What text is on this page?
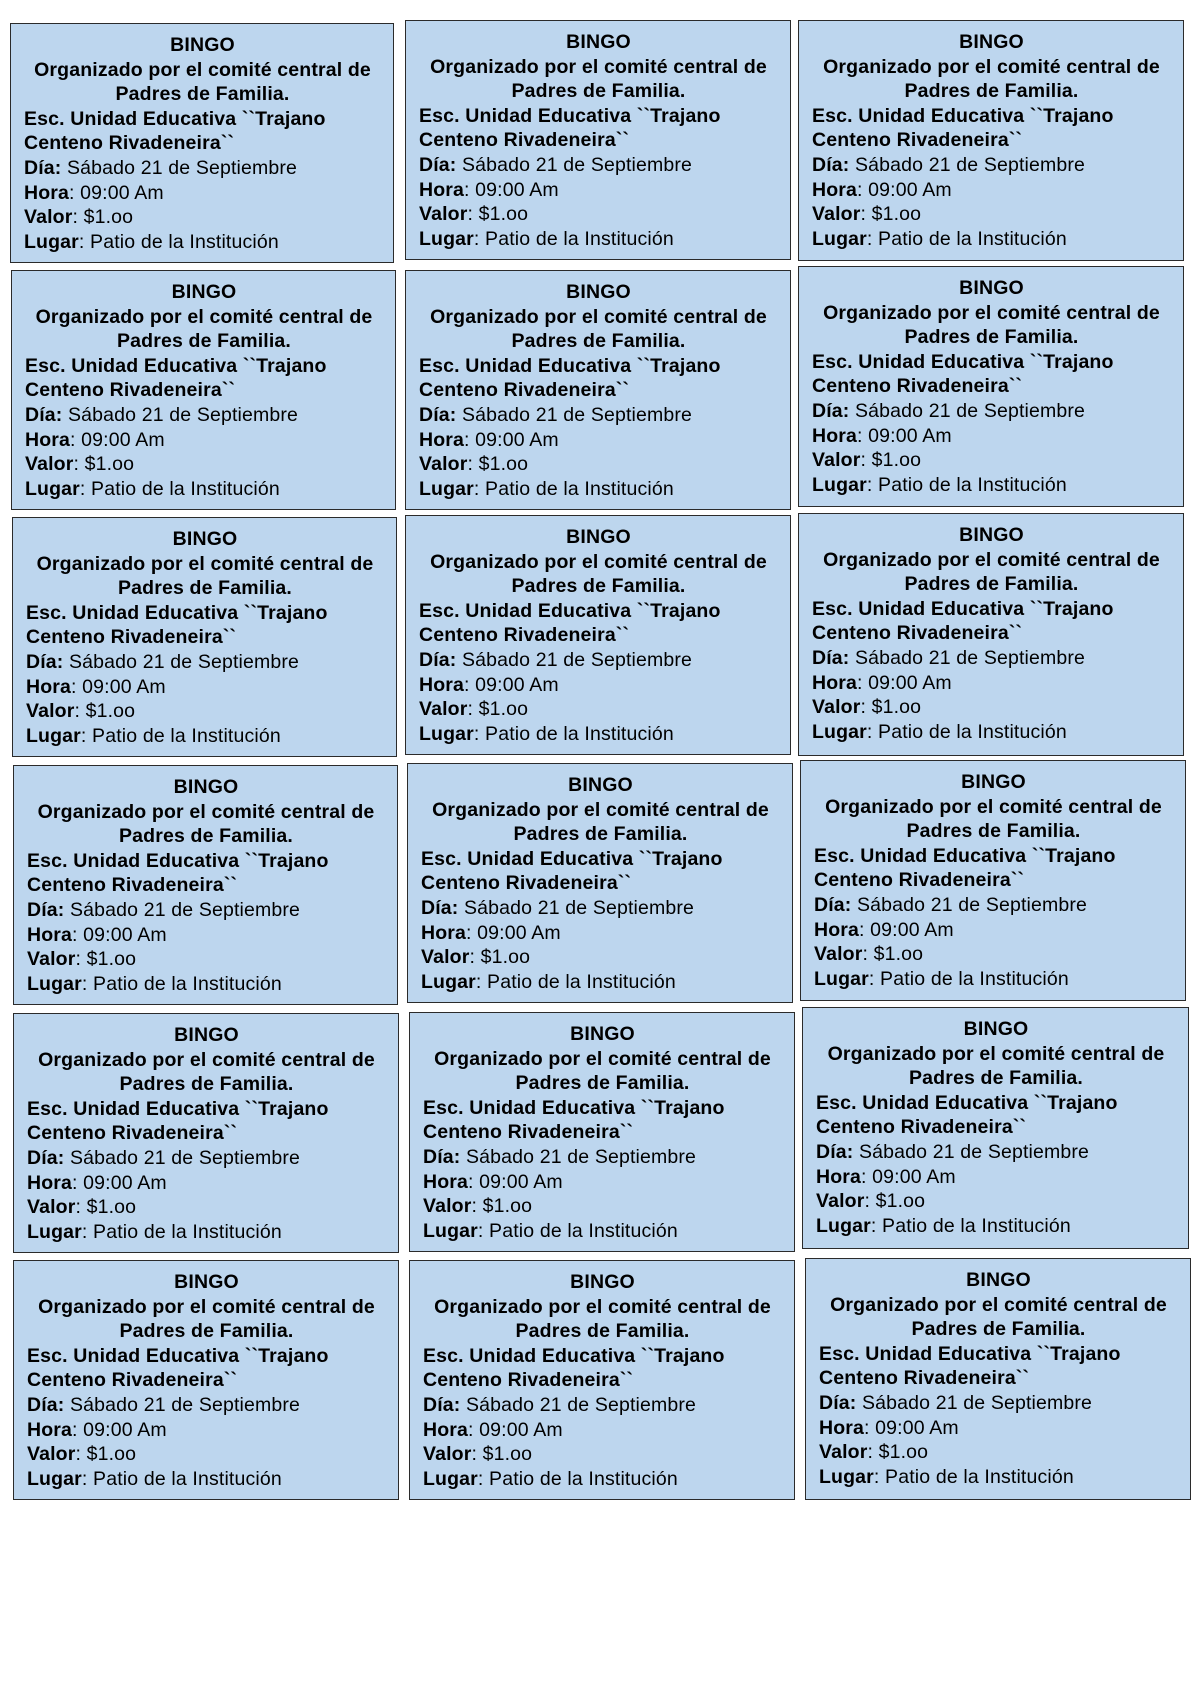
BINGO
Organizado por el comité central de
Padres de Familia.
Esc. Unidad Educativa ``Trajano
Centeno Rivadeneira``
Día: Sábado 21 de Septiembre
Hora: 09:00 Am
Valor: $1.oo
Lugar: Patio de la Institución
BINGO
Organizado por el comité central de
Padres de Familia.
Esc. Unidad Educativa ``Trajano
Centeno Rivadeneira``
Día: Sábado 21 de Septiembre
Hora: 09:00 Am
Valor: $1.oo
Lugar: Patio de la Institución
BINGO
Organizado por el comité central de
Padres de Familia.
Esc. Unidad Educativa ``Trajano
Centeno Rivadeneira``
Día: Sábado 21 de Septiembre
Hora: 09:00 Am
Valor: $1.oo
Lugar: Patio de la Institución
BINGO
Organizado por el comité central de
Padres de Familia.
Esc. Unidad Educativa ``Trajano
Centeno Rivadeneira``
Día: Sábado 21 de Septiembre
Hora: 09:00 Am
Valor: $1.oo
Lugar: Patio de la Institución
BINGO
Organizado por el comité central de
Padres de Familia.
Esc. Unidad Educativa ``Trajano
Centeno Rivadeneira``
Día: Sábado 21 de Septiembre
Hora: 09:00 Am
Valor: $1.oo
Lugar: Patio de la Institución
BINGO
Organizado por el comité central de
Padres de Familia.
Esc. Unidad Educativa ``Trajano
Centeno Rivadeneira``
Día: Sábado 21 de Septiembre
Hora: 09:00 Am
Valor: $1.oo
Lugar: Patio de la Institución
BINGO
Organizado por el comité central de
Padres de Familia.
Esc. Unidad Educativa ``Trajano
Centeno Rivadeneira``
Día: Sábado 21 de Septiembre
Hora: 09:00 Am
Valor: $1.oo
Lugar: Patio de la Institución
BINGO
Organizado por el comité central de
Padres de Familia.
Esc. Unidad Educativa ``Trajano
Centeno Rivadeneira``
Día: Sábado 21 de Septiembre
Hora: 09:00 Am
Valor: $1.oo
Lugar: Patio de la Institución
BINGO
Organizado por el comité central de
Padres de Familia.
Esc. Unidad Educativa ``Trajano
Centeno Rivadeneira``
Día: Sábado 21 de Septiembre
Hora: 09:00 Am
Valor: $1.oo
Lugar: Patio de la Institución
BINGO
Organizado por el comité central de
Padres de Familia.
Esc. Unidad Educativa ``Trajano
Centeno Rivadeneira``
Día: Sábado 21 de Septiembre
Hora: 09:00 Am
Valor: $1.oo
Lugar: Patio de la Institución
BINGO
Organizado por el comité central de
Padres de Familia.
Esc. Unidad Educativa ``Trajano
Centeno Rivadeneira``
Día: Sábado 21 de Septiembre
Hora: 09:00 Am
Valor: $1.oo
Lugar: Patio de la Institución
BINGO
Organizado por el comité central de
Padres de Familia.
Esc. Unidad Educativa ``Trajano
Centeno Rivadeneira``
Día: Sábado 21 de Septiembre
Hora: 09:00 Am
Valor: $1.oo
Lugar: Patio de la Institución
BINGO
Organizado por el comité central de
Padres de Familia.
Esc. Unidad Educativa ``Trajano
Centeno Rivadeneira``
Día: Sábado 21 de Septiembre
Hora: 09:00 Am
Valor: $1.oo
Lugar: Patio de la Institución
BINGO
Organizado por el comité central de
Padres de Familia.
Esc. Unidad Educativa ``Trajano
Centeno Rivadeneira``
Día: Sábado 21 de Septiembre
Hora: 09:00 Am
Valor: $1.oo
Lugar: Patio de la Institución
BINGO
Organizado por el comité central de
Padres de Familia.
Esc. Unidad Educativa ``Trajano
Centeno Rivadeneira``
Día: Sábado 21 de Septiembre
Hora: 09:00 Am
Valor: $1.oo
Lugar: Patio de la Institución
BINGO
Organizado por el comité central de
Padres de Familia.
Esc. Unidad Educativa ``Trajano
Centeno Rivadeneira``
Día: Sábado 21 de Septiembre
Hora: 09:00 Am
Valor: $1.oo
Lugar: Patio de la Institución
BINGO
Organizado por el comité central de
Padres de Familia.
Esc. Unidad Educativa ``Trajano
Centeno Rivadeneira``
Día: Sábado 21 de Septiembre
Hora: 09:00 Am
Valor: $1.oo
Lugar: Patio de la Institución
BINGO
Organizado por el comité central de
Padres de Familia.
Esc. Unidad Educativa ``Trajano
Centeno Rivadeneira``
Día: Sábado 21 de Septiembre
Hora: 09:00 Am
Valor: $1.oo
Lugar: Patio de la Institución
